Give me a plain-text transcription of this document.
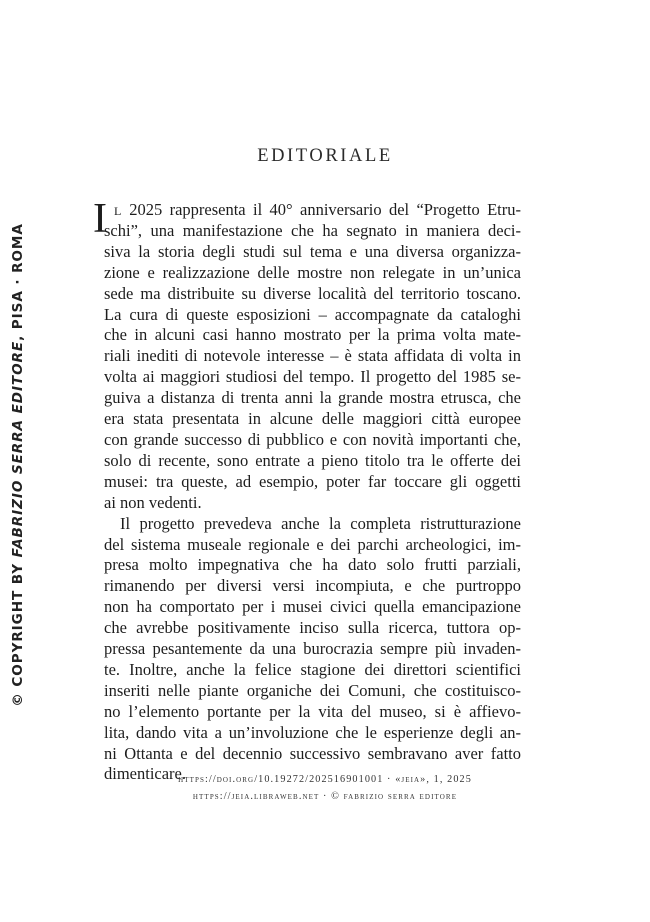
© COPYRIGHT BY FABRIZIO SERRA EDITORE, PISA · ROMA
EDITORIALE
I l 2025 rappresenta il 40° anniversario del “Progetto Etru-
schi”, una manifestazione che ha segnato in maniera deci-
siva la storia degli studi sul tema e una diversa organizza-
zione e realizzazione delle mostre non relegate in un’unica
sede ma distribuite su diverse località del territorio toscano.
La cura di queste esposizioni – accompagnate da cataloghi
che in alcuni casi hanno mostrato per la prima volta mate-
riali inediti di notevole interesse – è stata affidata di volta in
volta ai maggiori studiosi del tempo. Il progetto del 1985 se-
guiva a distanza di trenta anni la grande mostra etrusca, che
era stata presentata in alcune delle maggiori città europee
con grande successo di pubblico e con novità importanti che,
solo di recente, sono entrate a pieno titolo tra le offerte dei
musei: tra queste, ad esempio, poter far toccare gli oggetti
ai non vedenti.
Il progetto prevedeva anche la completa ristrutturazione
del sistema museale regionale e dei parchi archeologici, im-
presa molto impegnativa che ha dato solo frutti parziali,
rimanendo per diversi versi incompiuta, e che purtroppo
non ha comportato per i musei civici quella emancipazione
che avrebbe positivamente inciso sulla ricerca, tuttora op-
pressa pesantemente da una burocrazia sempre più invaden-
te. Inoltre, anche la felice stagione dei direttori scientifici
inseriti nelle piante organiche dei Comuni, che costituisco-
no l’elemento portante per la vita del museo, si è affievo-
lita, dando vita a un’involuzione che le esperienze degli an-
ni Ottanta e del decennio successivo sembravano aver fatto
dimenticare.
https://doi.org/10.19272/202516901001 · «jeia», 1, 2025
https://jeia.libraweb.net · © fabrizio serra editore
